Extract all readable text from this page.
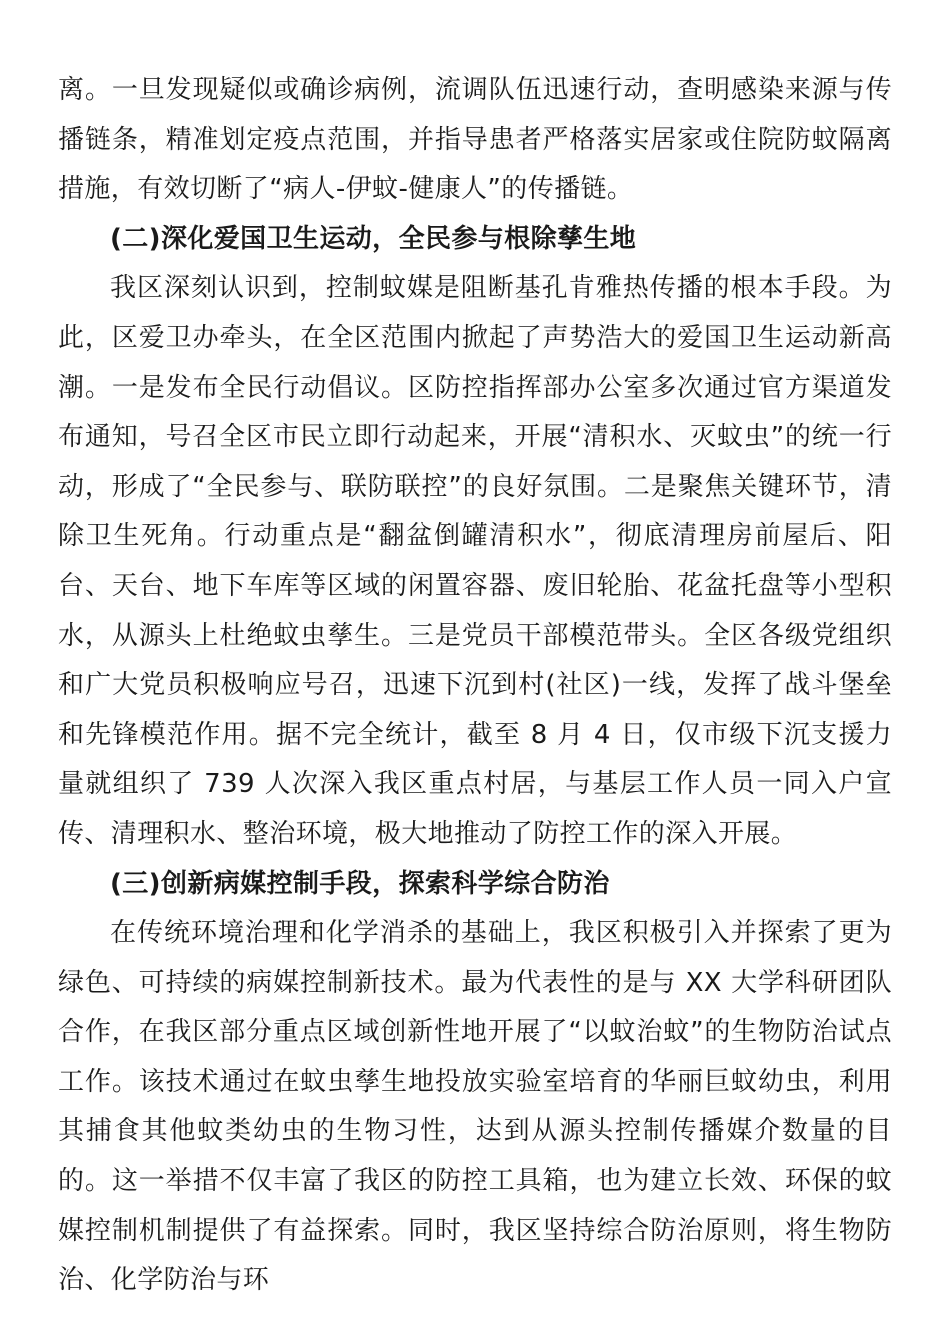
离。一旦发现疑似或确诊病例，流调队伍迅速行动，查明感染来源与传播链条，精准划定疫点范围，并指导患者严格落实居家或住院防蚊隔离措施，有效切断了“病人-伊蚊-健康人”的传播链。

(二)深化爱国卫生运动，全民参与根除孳生地

我区深刻认识到，控制蚊媒是阻断基孔肯雅热传播的根本手段。为此，区爱卫办牵头，在全区范围内掀起了声势浩大的爱国卫生运动新高潮。一是发布全民行动倡议。区防控指挥部办公室多次通过官方渠道发布通知，号召全区市民立即行动起来，开展“清积水、灭蚊虫”的统一行动，形成了“全民参与、联防联控”的良好氛围。二是聚焦关键环节，清除卫生死角。行动重点是“翻盆倒罐清积水”，彻底清理房前屋后、阳台、天台、地下车库等区域的闲置容器、废旧轮胎、花盆托盘等小型积水，从源头上杜绝蚊虫孳生。三是党员干部模范带头。全区各级党组织和广大党员积极响应号召，迅速下沉到村(社区)一线，发挥了战斗堡垒和先锋模范作用。据不完全统计，截至 8 月 4 日，仅市级下沉支援力量就组织了 739 人次深入我区重点村居，与基层工作人员一同入户宣传、清理积水、整治环境，极大地推动了防控工作的深入开展。

(三)创新病媒控制手段，探索科学综合防治

在传统环境治理和化学消杀的基础上，我区积极引入并探索了更为绿色、可持续的病媒控制新技术。最为代表性的是与 XX 大学科研团队合作，在我区部分重点区域创新性地开展了“以蚊治蚊”的生物防治试点工作。该技术通过在蚊虫孳生地投放实验室培育的华丽巨蚊幼虫，利用其捕食其他蚊类幼虫的生物习性，达到从源头控制传播媒介数量的目的。这一举措不仅丰富了我区的防控工具箱，也为建立长效、环保的蚊媒控制机制提供了有益探索。同时，我区坚持综合防治原则，将生物防治、化学防治与环
